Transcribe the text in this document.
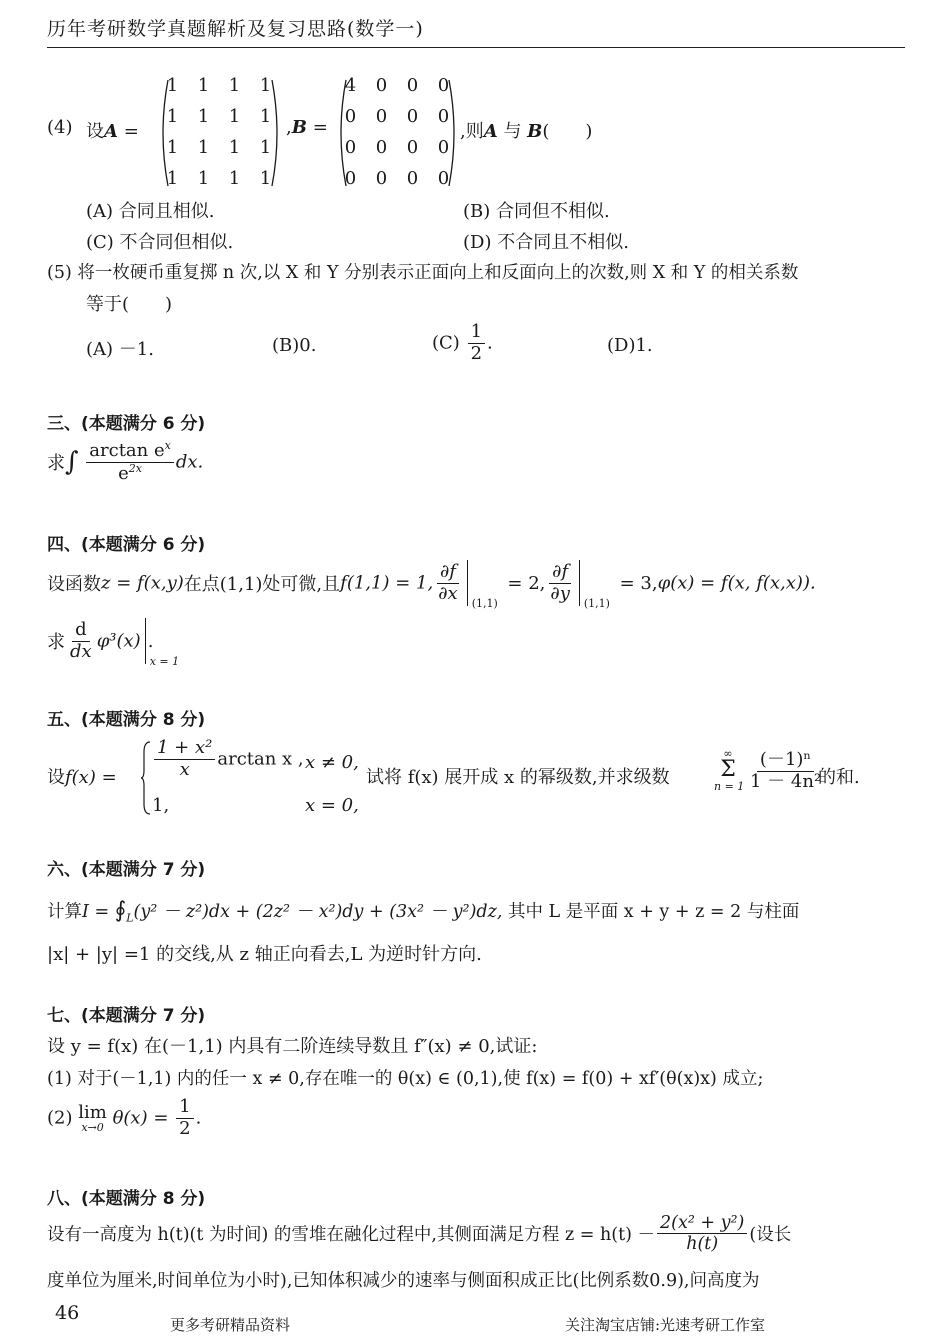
历年考研数学真题解析及复习思路(数学一)
(4) 设A =
1	1	1	1
1	1	1	1
1	1	1	1
1	1	1	1
,B =
4	0	0	0
0	0	0	0
0	0	0	0
0	0	0	0
,则A 与 B(　　)
(A) 合同且相似.	(B) 合同但不相似.
(C) 不合同但相似.	(D) 不合同且不相似.
(5) 将一枚硬币重复掷 n 次,以 X 和 Y 分别表示正面向上和反面向上的次数,则 X 和 Y 的相关系数
等于(　　)
(A) －1.	(B)0.	$(C) \frac{1}{2}$ .	(D)1.
三、(本题满分 6 分)
求∫ $\frac{\arctan e^x}{e^{2x}}$ dx.
四、(本题满分 6 分)
设函数z = f(x,y)在点(1,1)处可微,且f(1,1) = 1, $\frac{\partial f}{\partial x} (1,1)$
= 2, $\frac{\partial f}{\partial y} (1,1)$
= 3,φ(x) = f(x, f(x,x)).
求 $\frac{d}{dx} \varphi^3(x)$
x = 1
.
五、(本题满分 8 分)
设$f(x) = \frac{\text{1 + x²}}{x}$ arctan x , x ≠ 0,
1,	x = 0,
试将 f(x) 展开成 x 的幂级数,并求级数
∞
Σ
$n = 1 \frac{\text{(－1)ⁿ}}{\text{1 － 4n²}}$
的和.
六、(本题满分 7 分)
计算$I = ∮_L(y^2 - z^2)dx + (2z^2 - x^2)dy + (3x^2 - y^2)dz$, 其中 L 是平面 x + y + z = 2 与柱面
|x| + |y| =1 的交线,从 z 轴正向看去,L 为逆时针方向.
七、(本题满分 7 分)
设 y = f(x) 在(－1,1) 内具有二阶连续导数且 f″(x) ≠ 0,试证:
(1) 对于(－1,1) 内的任一 x ≠ 0,存在唯一的 θ(x) ∈ (0,1),使 f(x) = f(0) + xf′(θ(x)x) 成立;
(2) lim
x→0 $\theta(x) = \frac{1}{2}$ .
八、(本题满分 8 分)
设有一高度为 h(t)(t 为时间) 的雪堆在融化过程中,其侧面满足方程 $z = h(t) - \frac{\text{2(x² + y²)}}{h(t)}$ (设长
度单位为厘米,时间单位为小时),已知体积减少的速率与侧面积成正比(比例系数0.9),问高度为
46
更多考研精品资料	关注淘宝店铺:光速考研工作室
